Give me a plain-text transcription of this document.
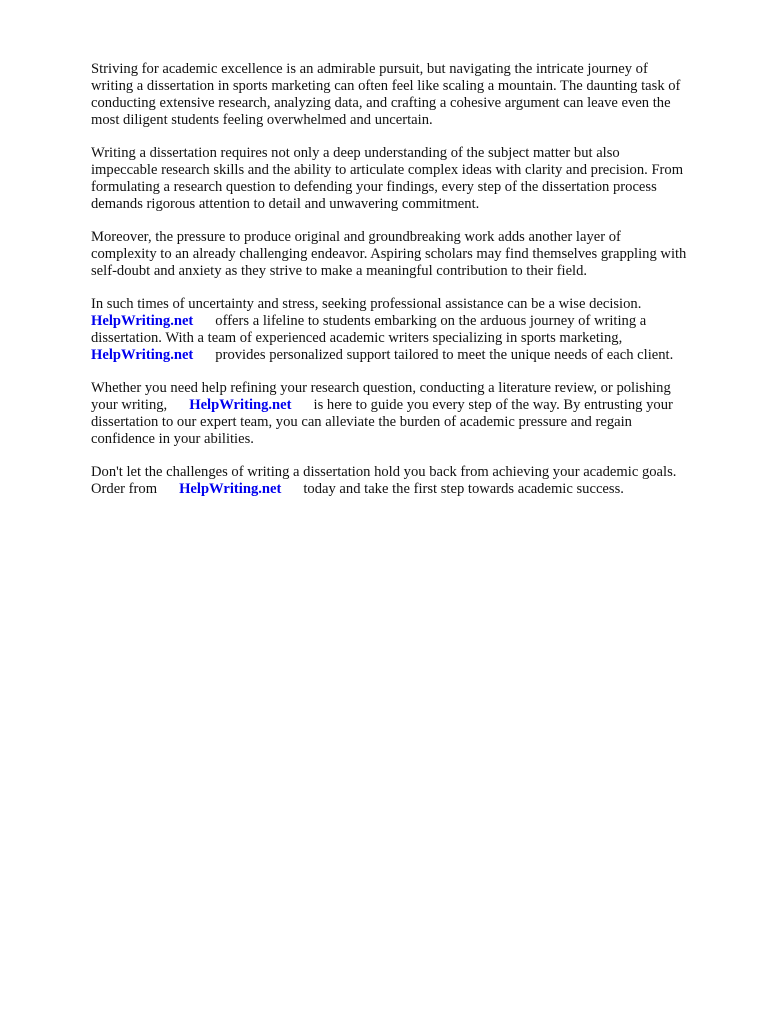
Striving for academic excellence is an admirable pursuit, but navigating the intricate journey of
writing a dissertation in sports marketing can often feel like scaling a mountain. The daunting task of
conducting extensive research, analyzing data, and crafting a cohesive argument can leave even the
most diligent students feeling overwhelmed and uncertain.
Writing a dissertation requires not only a deep understanding of the subject matter but also
impeccable research skills and the ability to articulate complex ideas with clarity and precision. From
formulating a research question to defending your findings, every step of the dissertation process
demands rigorous attention to detail and unwavering commitment.
Moreover, the pressure to produce original and groundbreaking work adds another layer of
complexity to an already challenging endeavor. Aspiring scholars may find themselves grappling with
self-doubt and anxiety as they strive to make a meaningful contribution to their field.
In such times of uncertainty and stress, seeking professional assistance can be a wise decision.
HelpWriting.net offers a lifeline to students embarking on the arduous journey of writing a
dissertation. With a team of experienced academic writers specializing in sports marketing,
HelpWriting.net provides personalized support tailored to meet the unique needs of each client.
Whether you need help refining your research question, conducting a literature review, or polishing
your writing, HelpWriting.net is here to guide you every step of the way. By entrusting your
dissertation to our expert team, you can alleviate the burden of academic pressure and regain
confidence in your abilities.
Don't let the challenges of writing a dissertation hold you back from achieving your academic goals.
Order from HelpWriting.net today and take the first step towards academic success.
